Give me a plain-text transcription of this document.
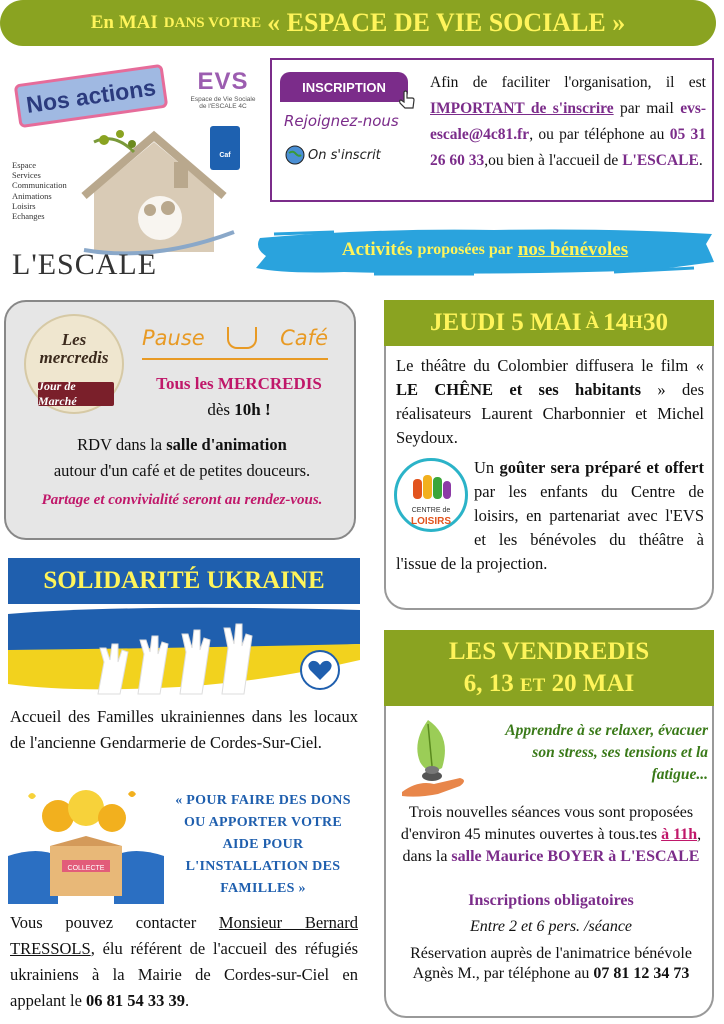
En MAI DANS VOTRE « ESPACE DE VIE SOCIALE »
Nos actions	EVS
Espace de Vie Sociale
de l'ESCALE 4C
Caf
Espace
Services
Communication
Animations
Loisirs
Echanges
L'ESCALE
INSCRIPTION
Rejoignez-nous
On s'inscrit
Afin de faciliter l'organisation, il est IMPORTANT de s'inscrire par mail evs-escale@4c81.fr, ou par téléphone au 05 31 26 60 33,ou bien à l'accueil de L'ESCALE.
Activités proposées par nos bénévoles
Les
mercredis
Jour de Marché
Pause	Café
Tous les MERCREDIS
dès 10h !
RDV dans la salle d'animation
autour d'un café et de petites douceurs.
Partage et convivialité seront au rendez-vous.
JEUDI 5 MAI À 14 H 30
Le théâtre du Colombier diffusera le film « LE CHÊNE et ses habitants » des réalisateurs Laurent Charbonnier et Michel Seydoux.
Un goûter sera préparé et offert par les enfants du Centre de loisirs, en partenariat avec l'EVS et les bénévoles du théâtre à l'issue de la projection.
CENTRE de
LOISIRS
SOLIDARITÉ UKRAINE
Accueil des Familles ukrainiennes dans les locaux de l'ancienne Gendarmerie de Cordes-Sur-Ciel.
COLLECTE
« POUR FAIRE DES DONS OU APPORTER VOTRE AIDE POUR L'INSTALLATION DES FAMILLES »
Vous pouvez contacter Monsieur Bernard TRESSOLS, élu référent de l'accueil des réfugiés ukrainiens à la Mairie de Cordes-sur-Ciel en appelant le 06 81 54 33 39.
LES VENDREDIS
6, 13 ET 20 MAI
Apprendre à se relaxer, évacuer son stress, ses tensions et la fatigue...
Trois nouvelles séances vous sont proposées d'environ 45 minutes ouvertes à tous.tes à 11h, dans la salle Maurice BOYER à L'ESCALE
Inscriptions obligatoires
Entre 2 et 6 pers. /séance
Réservation auprès de l'animatrice bénévole Agnès M., par téléphone au 07 81 12 34 73
